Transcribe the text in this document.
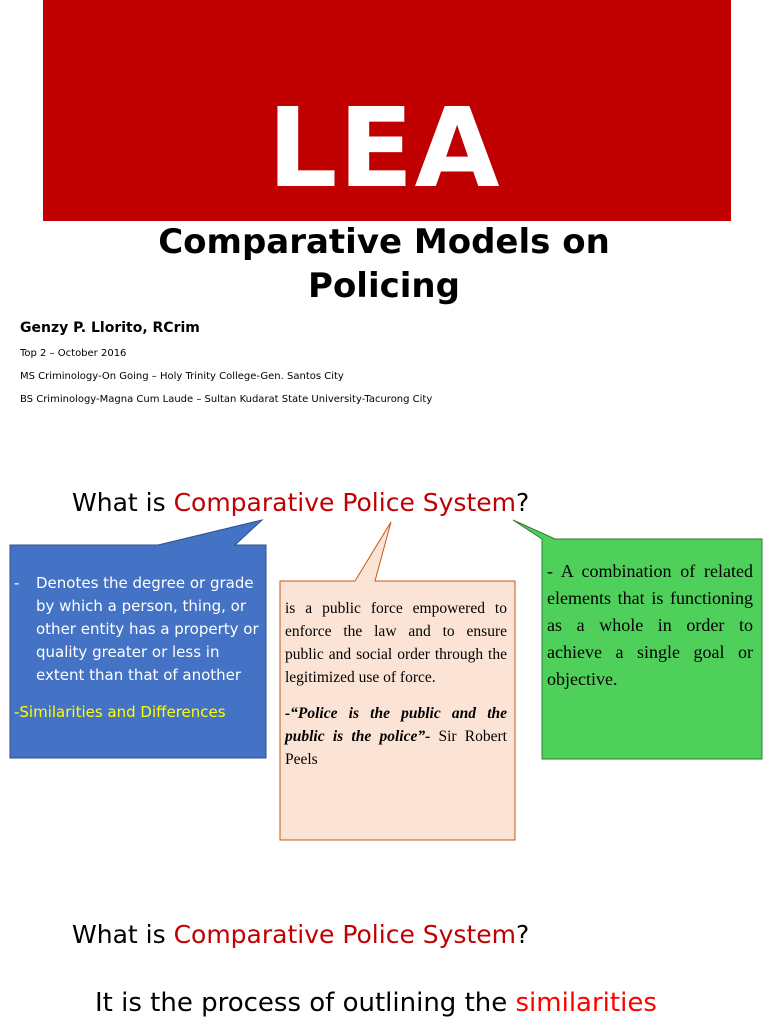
LEA
Comparative Models on
Policing
Genzy P. Llorito, RCrim
Top 2 – October 2016
MS Criminology-On Going – Holy Trinity College-Gen. Santos City
BS Criminology-Magna Cum Laude – Sultan Kudarat State University-Tacurong City
What is Comparative Police System?
-	Denotes the degree or grade by which a person, thing, or other entity has a property or quality greater or less in extent than that of another
-Similarities and Differences
is a public force empowered to enforce the law and to ensure public and social order through the legitimized use of force.
-“Police is the public and the public is the police”- Sir Robert Peels
- A combination of related elements that is functioning as a whole in order to achieve a single goal or objective.
What is Comparative Police System?
It is the process of outlining the similarities
